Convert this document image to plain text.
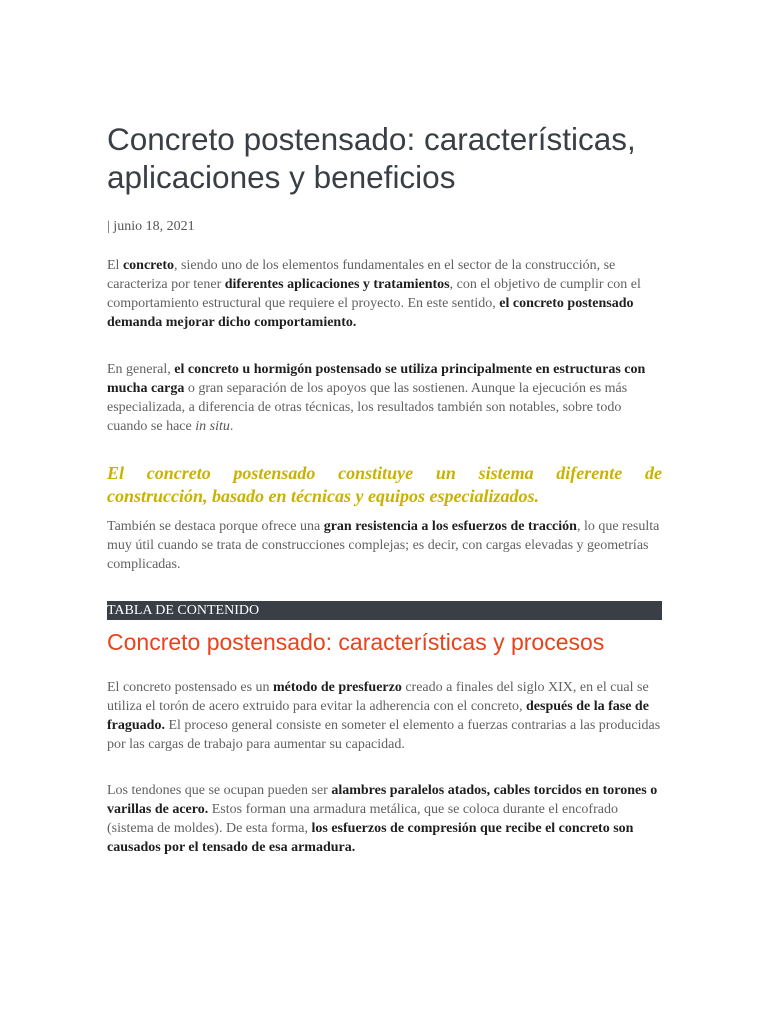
Concreto postensado: características, aplicaciones y beneficios
| junio 18, 2021

El concreto, siendo uno de los elementos fundamentales en el sector de la construcción, se caracteriza por tener diferentes aplicaciones y tratamientos, con el objetivo de cumplir con el comportamiento estructural que requiere el proyecto. En este sentido, el concreto postensado demanda mejorar dicho comportamiento.

En general, el concreto u hormigón postensado se utiliza principalmente en estructuras con mucha carga o gran separación de los apoyos que las sostienen. Aunque la ejecución es más especializada, a diferencia de otras técnicas, los resultados también son notables, sobre todo cuando se hace in situ.

El concreto postensado constituye un sistema diferente de
construcción, basado en técnicas y equipos especializados.

También se destaca porque ofrece una gran resistencia a los esfuerzos de tracción, lo que resulta muy útil cuando se trata de construcciones complejas; es decir, con cargas elevadas y geometrías complicadas.

TABLA DE CONTENIDO
Concreto postensado: características y procesos

El concreto postensado es un método de presfuerzo creado a finales del siglo XIX, en el cual se utiliza el torón de acero extruido para evitar la adherencia con el concreto, después de la fase de fraguado. El proceso general consiste en someter el elemento a fuerzas contrarias a las producidas por las cargas de trabajo para aumentar su capacidad.

Los tendones que se ocupan pueden ser alambres paralelos atados, cables torcidos en torones o varillas de acero. Estos forman una armadura metálica, que se coloca durante el encofrado (sistema de moldes). De esta forma, los esfuerzos de compresión que recibe el concreto son causados por el tensado de esa armadura.
